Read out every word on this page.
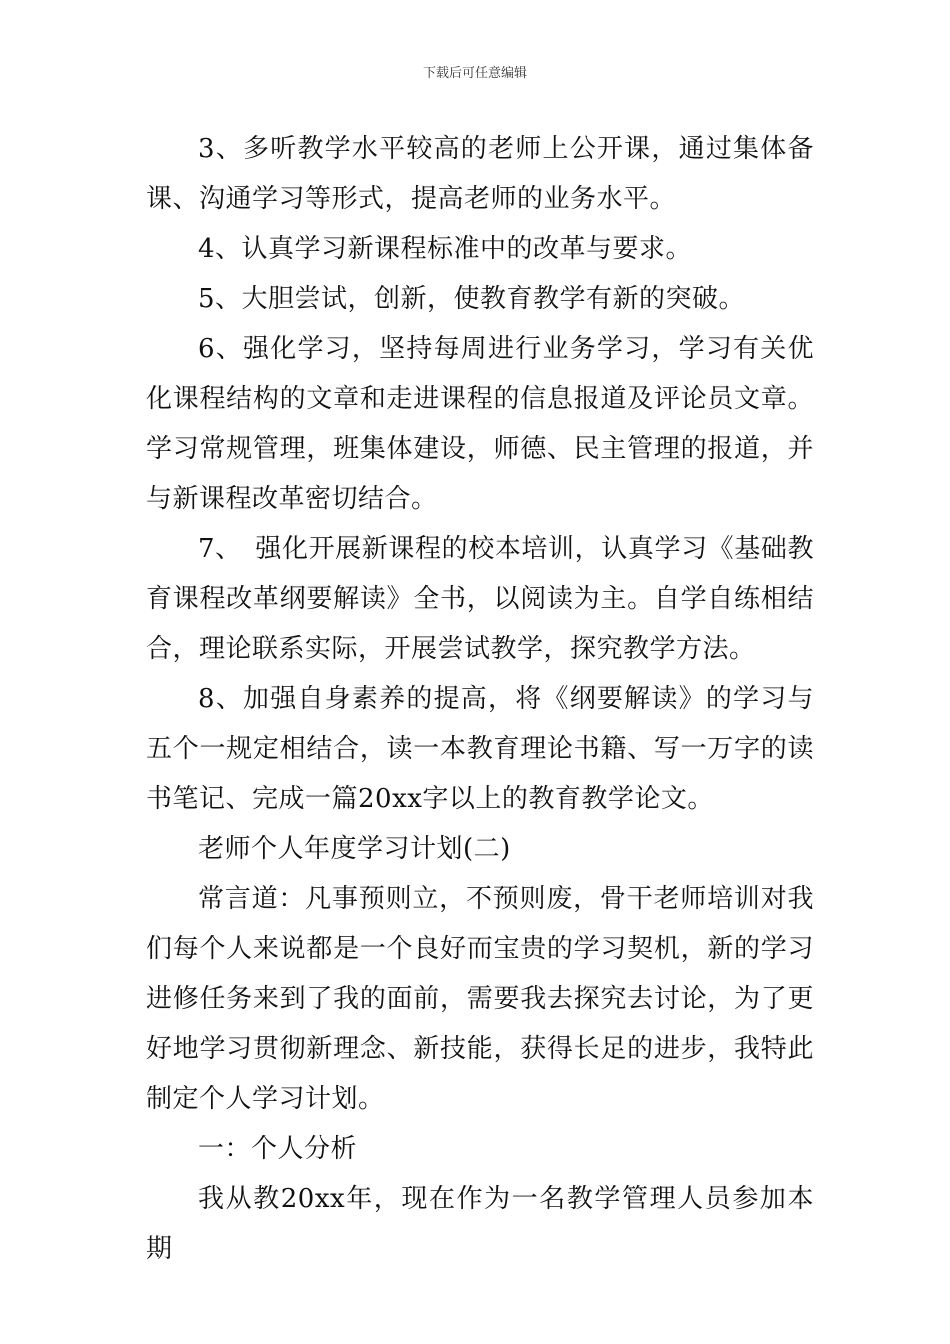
下载后可任意编辑

3、多听教学水平较高的老师上公开课，通过集体备课、沟通学习等形式，提高老师的业务水平。

4、认真学习新课程标准中的改革与要求。

5、大胆尝试，创新，使教育教学有新的突破。

6、强化学习，坚持每周进行业务学习，学习有关优化课程结构的文章和走进课程的信息报道及评论员文章。学习常规管理，班集体建设，师德、民主管理的报道，并与新课程改革密切结合。

7、　强化开展新课程的校本培训，认真学习《基础教育课程改革纲要解读》全书，以阅读为主。自学自练相结合，理论联系实际，开展尝试教学，探究教学方法。

8、加强自身素养的提高，将《纲要解读》的学习与五个一规定相结合，读一本教育理论书籍、写一万字的读书笔记、完成一篇20xx字以上的教育教学论文。

老师个人年度学习计划(二)

常言道：凡事预则立，不预则废，骨干老师培训对我们每个人来说都是一个良好而宝贵的学习契机，新的学习进修任务来到了我的面前，需要我去探究去讨论，为了更好地学习贯彻新理念、新技能，获得长足的进步，我特此制定个人学习计划。

一：个人分析

我从教20xx年，现在作为一名教学管理人员参加本期
